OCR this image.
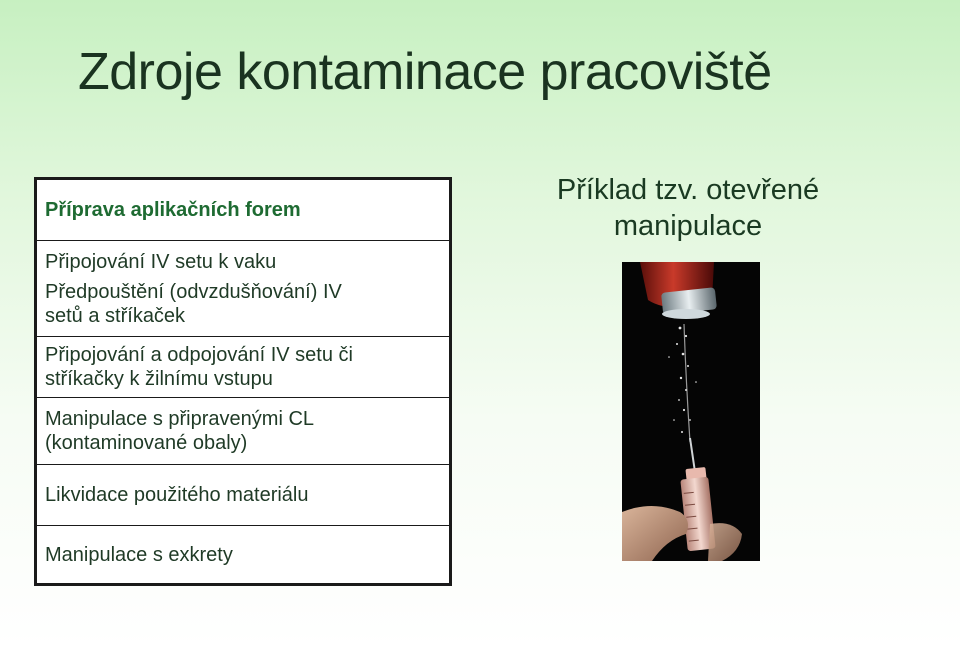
Zdroje kontaminace pracoviště
Příprava aplikačních forem
Připojování IV setu k vaku
Předpouštění (odvzdušňování) IV
setů a stříkaček
Připojování a odpojování IV setu či
stříkačky k žilnímu vstupu
Manipulace s připravenými CL
(kontaminované obaly)
Likvidace použitého materiálu
Manipulace s exkrety
Příklad tzv. otevřené
manipulace
